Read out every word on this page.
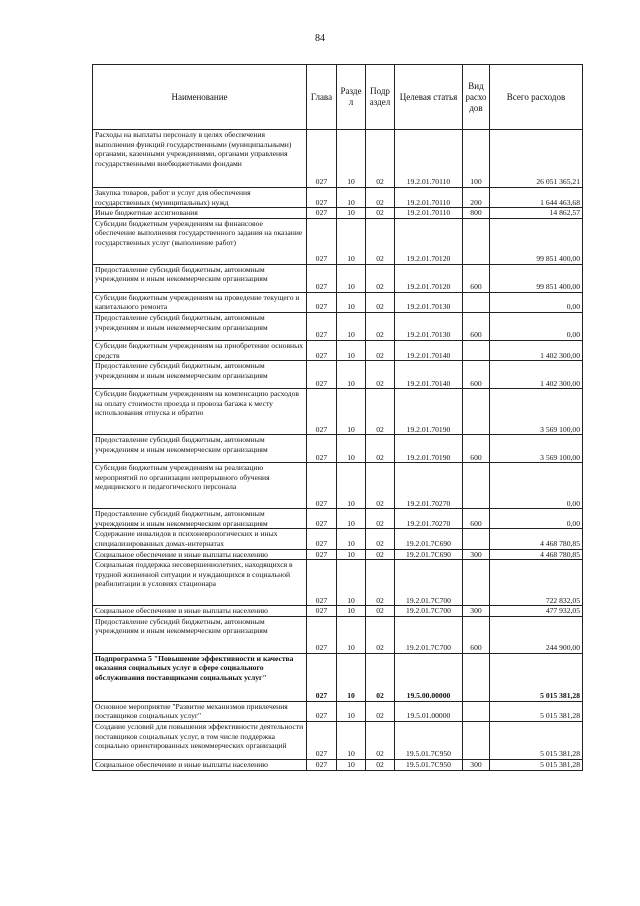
84
Наименование	Глава	Разде л	Подр аздел	Целевая статья	Вид расхо дов	Всего расходов
Расходы на выплаты персоналу в целях обеспечения выполнения функций государственными (муниципальными) органами, казенными учреждениями, органами управления государственными внебюджетными фондами	027	10	02	19.2.01.70110	100	26 051 365,21
Закупка товаров, работ и услуг для обеспечения государственных (муниципальных) нужд	027	10	02	19.2.01.70110	200	1 644 463,68
Иные бюджетные ассигнования	027	10	02	19.2.01.70110	800	14 862,57
Субсидии бюджетным учреждениям на финансовое обеспечение выполнения государственного задания на оказание государственных услуг (выполнение работ)	027	10	02	19.2.01.70120		99 851 400,00
Предоставление субсидий бюджетным, автономным учреждениям и иным некоммерческим организациям	027	10	02	19.2.01.70120	600	99 851 400,00
Субсидии бюджетным учреждениям на проведение текущего и капитального ремонта	027	10	02	19.2.01.70130		0,00
Предоставление субсидий бюджетным, автономным учреждениям и иным некоммерческим организациям	027	10	02	19.2.01.70130	600	0,00
Субсидии бюджетным учреждениям на приобретение основных средств	027	10	02	19.2.01.70140		1 402 300,00
Предоставление субсидий бюджетным, автономным учреждениям и иным некоммерческим организациям	027	10	02	19.2.01.70140	600	1 402 300,00
Субсидии бюджетным учреждениям на компенсацию расходов на оплату стоимости проезда и провоза багажа к месту использования отпуска и обратно	027	10	02	19.2.01.70190		3 569 100,00
Предоставление субсидий бюджетным, автономным учреждениям и иным некоммерческим организациям	027	10	02	19.2.01.70190	600	3 569 100,00
Субсидии бюджетным учреждениям на реализацию мероприятий по организации непрерывного обучения медицинского и педагогического персонала	027	10	02	19.2.01.70270		0,00
Предоставление субсидий бюджетным, автономным учреждениям и иным некоммерческим организациям	027	10	02	19.2.01.70270	600	0,00
Содержание инвалидов в психоневрологических и иных специализированных домах-интернатах	027	10	02	19.2.01.7C690		4 468 780,85
Социальное обеспечение и иные выплаты населению	027	10	02	19.2.01.7C690	300	4 468 780,85
Социальная поддержка несовершеннолетних, находящихся в трудной жизненной ситуации и нуждающихся в социальной реабилитации в условиях стационара	027	10	02	19.2.01.7C700		722 832,05
Социальное обеспечение и иные выплаты населению	027	10	02	19.2.01.7C700	300	477 932,05
Предоставление субсидий бюджетным, автономным учреждениям и иным некоммерческим организациям	027	10	02	19.2.01.7C700	600	244 900,00
Подпрограмма 5 "Повышение эффективности и качества оказания социальных услуг в сфере социального обслуживания поставщиками социальных услуг"	027	10	02	19.5.00.00000		5 015 381,28
Основное мероприятие "Развитие механизмов привлечения поставщиков социальных услуг"	027	10	02	19.5.01.00000		5 015 381,28
Создание условий для повышения эффективности деятельности поставщиков социальных услуг, в том числе поддержка социально ориентированных некоммерческих организаций	027	10	02	19.5.01.7C950		5 015 381,28
Социальное обеспечение и иные выплаты населению	027	10	02	19.5.01.7C950	300	5 015 381,28
